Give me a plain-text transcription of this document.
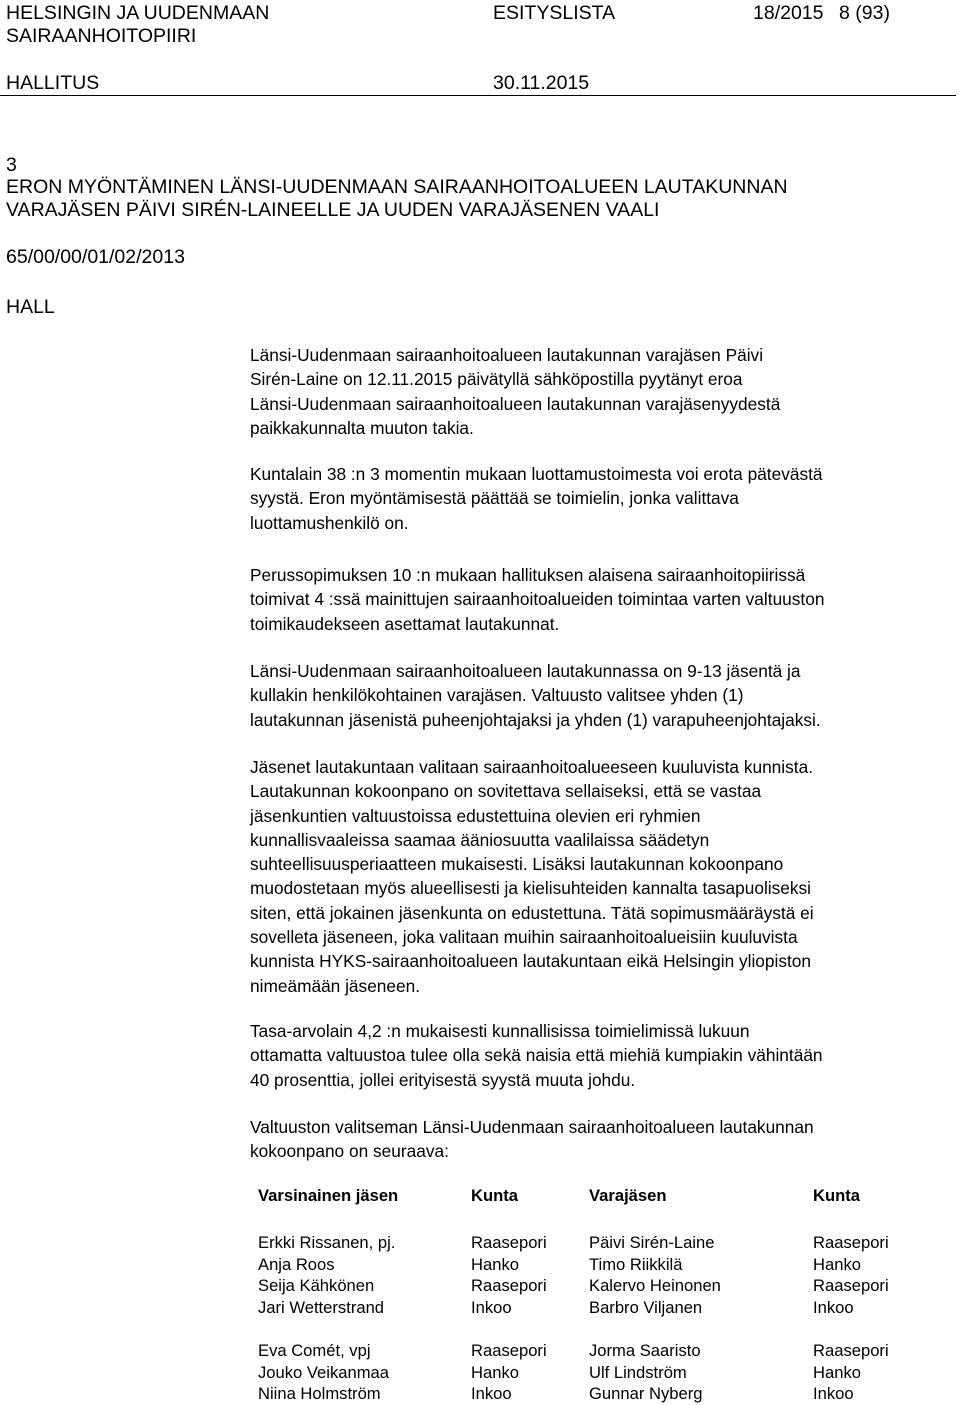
HELSINGIN JA UUDENMAAN
SAIRAANHOITOPIIRI
ESITYSLISTA	18/2015 8 (93)
HALLITUS	30.11.2015
3
ERON MYÖNTÄMINEN LÄNSI-UUDENMAAN SAIRAANHOITOALUEEN LAUTAKUNNAN
VARAJÄSEN PÄIVI SIRÉN-LAINEELLE JA UUDEN VARAJÄSENEN VAALI
65/00/00/01/02/2013
HALL

Länsi-Uudenmaan sairaanhoitoalueen lautakunnan varajäsen Päivi
Sirén-Laine on 12.11.2015 päivätyllä sähköpostilla pyytänyt eroa
Länsi-Uudenmaan sairaanhoitoalueen lautakunnan varajäsenyydestä
paikkakunnalta muuton takia.

Kuntalain 38 :n 3 momentin mukaan luottamustoimesta voi erota pätevästä
syystä. Eron myöntämisestä päättää se toimielin, jonka valittava
luottamushenkilö on.

Perussopimuksen 10 :n mukaan hallituksen alaisena sairaanhoitopiirissä
toimivat 4 :ssä mainittujen sairaanhoitoalueiden toimintaa varten valtuuston
toimikaudekseen asettamat lautakunnat.

Länsi-Uudenmaan sairaanhoitoalueen lautakunnassa on 9-13 jäsentä ja
kullakin henkilökohtainen varajäsen. Valtuusto valitsee yhden (1)
lautakunnan jäsenistä puheenjohtajaksi ja yhden (1) varapuheenjohtajaksi.

Jäsenet lautakuntaan valitaan sairaanhoitoalueeseen kuuluvista kunnista.
Lautakunnan kokoonpano on sovitettava sellaiseksi, että se vastaa
jäsenkuntien valtuustoissa edustettuina olevien eri ryhmien
kunnallisvaaleissa saamaa ääniosuutta vaalilaissa säädetyn
suhteellisuusperiaatteen mukaisesti. Lisäksi lautakunnan kokoonpano
muodostetaan myös alueellisesti ja kielisuhteiden kannalta tasapuoliseksi
siten, että jokainen jäsenkunta on edustettuna. Tätä sopimusmääräystä ei
sovelleta jäseneen, joka valitaan muihin sairaanhoitoalueisiin kuuluvista
kunnista HYKS-sairaanhoitoalueen lautakuntaan eikä Helsingin yliopiston
nimeämään jäseneen.

Tasa-arvolain 4,2 :n mukaisesti kunnallisissa toimielimissä lukuun
ottamatta valtuustoa tulee olla sekä naisia että miehiä kumpiakin vähintään
40 prosenttia, jollei erityisestä syystä muuta johdu.

Valtuuston valitseman Länsi-Uudenmaan sairaanhoitoalueen lautakunnan
kokoonpano on seuraava:

Varsinainen jäsen	Kunta	Varajäsen	Kunta

Erkki Rissanen, pj.	Raasepori	Päivi Sirén-Laine	Raasepori
Anja Roos	Hanko	Timo Riikkilä	Hanko
Seija Kähkönen	Raasepori	Kalervo Heinonen	Raasepori
Jari Wetterstrand	Inkoo	Barbro Viljanen	Inkoo

Eva Comét, vpj	Raasepori	Jorma Saaristo	Raasepori
Jouko Veikanmaa	Hanko	Ulf Lindström	Hanko
Niina Holmström	Inkoo	Gunnar Nyberg	Inkoo
